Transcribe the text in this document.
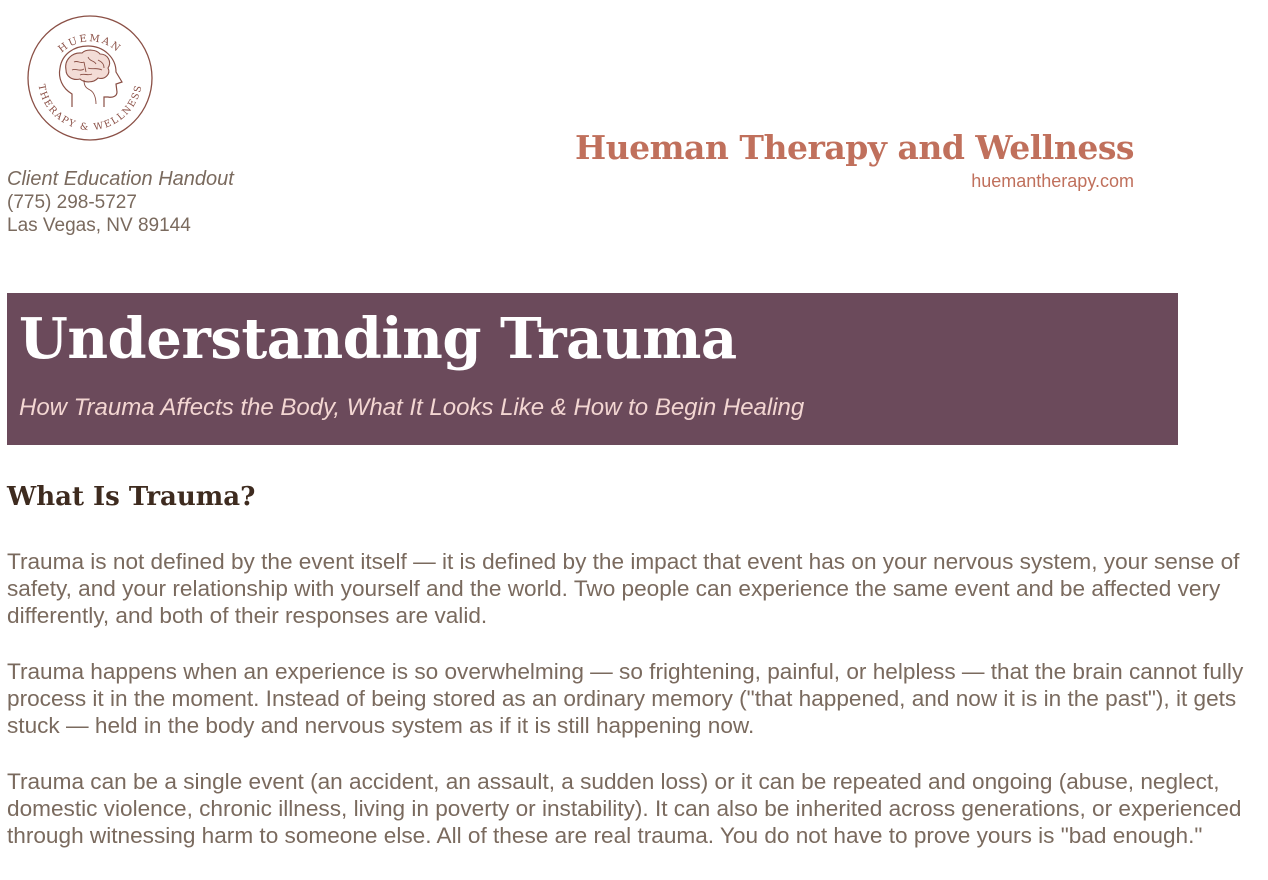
HUEMAN
THERAPY & WELLNESS
Client Education Handout
(775) 298-5727
Las Vegas, NV 89144
Hueman Therapy and Wellness
huemantherapy.com
Understanding Trauma
How Trauma Affects the Body, What It Looks Like & How to Begin Healing
What Is Trauma?

Trauma is not defined by the event itself — it is defined by the impact that event has on your nervous system, your sense of safety, and your relationship with yourself and the world. Two people can experience the same event and be affected very differently, and both of their responses are valid.

Trauma happens when an experience is so overwhelming — so frightening, painful, or helpless — that the brain cannot fully process it in the moment. Instead of being stored as an ordinary memory ("that happened, and now it is in the past"), it gets stuck — held in the body and nervous system as if it is still happening now.

Trauma can be a single event (an accident, an assault, a sudden loss) or it can be repeated and ongoing (abuse, neglect, domestic violence, chronic illness, living in poverty or instability). It can also be inherited across generations, or experienced through witnessing harm to someone else. All of these are real trauma. You do not have to prove yours is "bad enough."
